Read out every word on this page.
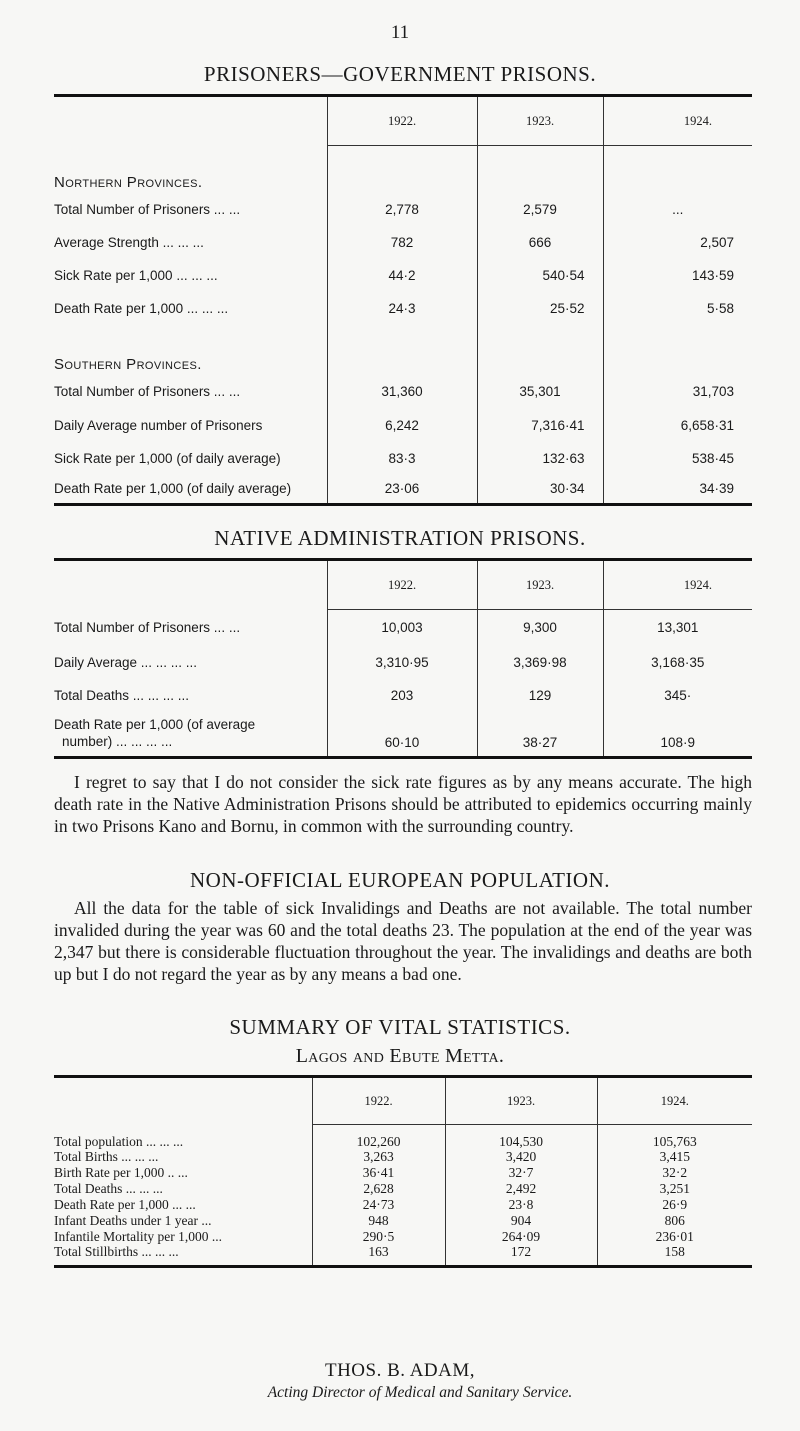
11
PRISONERS—GOVERNMENT PRISONS.
	1922.	1923.	1924.
Northern Provinces.			
Total Number of Prisoners ... ...	2,778	2,579	...
Average Strength ... ... ...	782	666	2,507
Sick Rate per 1,000 ... ... ...	44·2	540·54	143·59
Death Rate per 1,000 ... ... ...	24·3	25·52	5·58
Southern Provinces.			
Total Number of Prisoners ... ...	31,360	35,301	31,703
Daily Average number of Prisoners	6,242	7,316·41	6,658·31
Sick Rate per 1,000 (of daily average)	83·3	132·63	538·45
Death Rate per 1,000 (of daily average)	23·06	30·34	34·39
NATIVE ADMINISTRATION PRISONS.
	1922.	1923.	1924.
Total Number of Prisoners ... ...	10,003	9,300	13,301
Daily Average ... ... ... ...	3,310·95	3,369·98	3,168·35
Total Deaths ... ... ... ...	203	129	345·

Death Rate per 1,000 (of average
number) ... ... ... ...	60·10	38·27	108·9

I regret to say that I do not consider the sick rate figures as by any means accurate. The high death rate in the Native Administration Prisons should be attributed to epidemics occurring mainly in two Prisons Kano and Bornu, in common with the surrounding country.

NON-OFFICIAL EUROPEAN POPULATION.

All the data for the table of sick Invalidings and Deaths are not available. The total number invalided during the year was 60 and the total deaths 23. The population at the end of the year was 2,347 but there is considerable fluctuation throughout the year. The invalidings and deaths are both up but I do not regard the year as by any means a bad one.

SUMMARY OF VITAL STATISTICS.
Lagos and Ebute Metta.
	1922.	1923.	1924.
Total population ... ... ...	102,260	104,530	105,763
Total Births ... ... ...	3,263	3,420	3,415
Birth Rate per 1,000 .. ...	36·41	32·7	32·2
Total Deaths ... ... ...	2,628	2,492	3,251
Death Rate per 1,000 ... ...	24·73	23·8	26·9
Infant Deaths under 1 year ...	948	904	806
Infantile Mortality per 1,000 ...	290·5	264·09	236·01
Total Stillbirths ... ... ...	163	172	158

THOS. B. ADAM,

Acting Director of Medical and Sanitary Service.
